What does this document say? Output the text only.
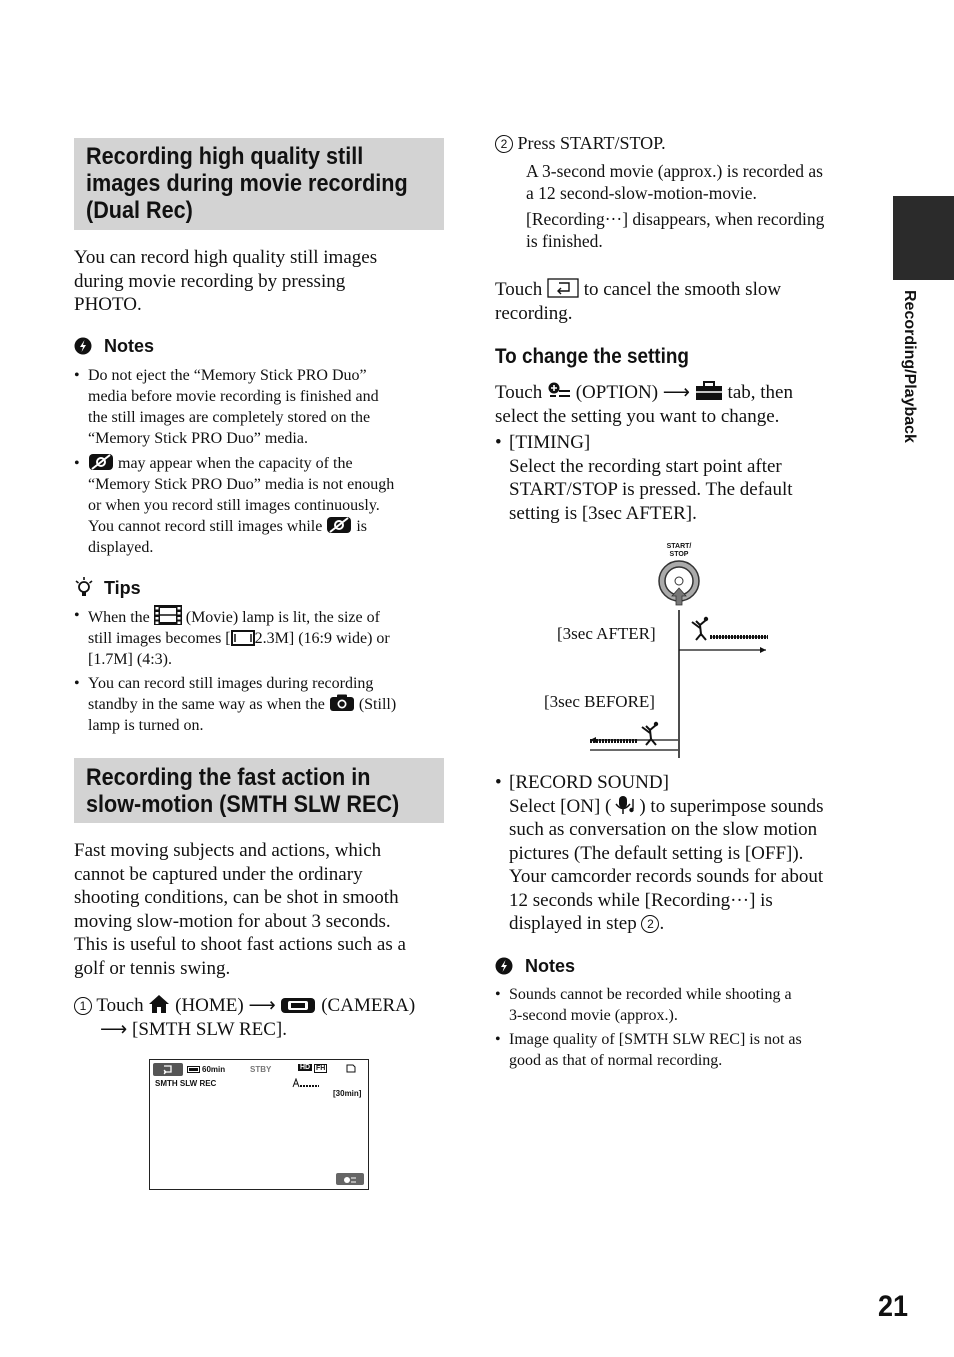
Recording high quality still
images during movie recording
(Dual Rec)
You can record high quality still images
during movie recording by pressing
PHOTO.
Notes
• Do not eject the “Memory Stick PRO Duo”
media before movie recording is finished and
the still images are completely stored on the
“Memory Stick PRO Duo” media.
• may appear when the capacity of the
“Memory Stick PRO Duo” media is not enough
or when you record still images continuously.
You cannot record still images while  is
displayed.
Tips
• When the  (Movie) lamp is lit, the size of
still images becomes [ 2.3M] (16:9 wide) or
[1.7M] (4:3).
• You can record still images during recording
standby in the same way as when the  (Still)
lamp is turned on.
Recording the fast action in
slow-motion (SMTH SLW REC)
Fast moving subjects and actions, which
cannot be captured under the ordinary
shooting conditions, can be shot in smooth
moving slow-motion for about 3 seconds.
This is useful to shoot fast actions such as a
golf or tennis swing.
1 Touch  (HOME) ⟶  (CAMERA)
⟶ [SMTH SLW REC].
60min	STBY	HD FH
SMTH SLW REC
[30min]
2 Press START/STOP.
A 3-second movie (approx.) is recorded as
a 12 second-slow-motion-movie.
[Recording···] disappears, when recording
is finished.
Touch  to cancel the smooth slow
recording.
To change the setting
Touch  (OPTION) ⟶  tab, then
select the setting you want to change.
• [TIMING]
Select the recording start point after
START/STOP is pressed. The default
setting is [3sec AFTER].
START/
STOP
[3sec AFTER]
[3sec BEFORE]
• [RECORD SOUND]
Select [ON] ( ) to superimpose sounds
such as conversation on the slow motion
pictures (The default setting is [OFF]).
Your camcorder records sounds for about
12 seconds while [Recording···] is
displayed in step 2 .
Notes
• Sounds cannot be recorded while shooting a
3-second movie (approx.).
• Image quality of [SMTH SLW REC] is not as
good as that of normal recording.
Recording/Playback
21
